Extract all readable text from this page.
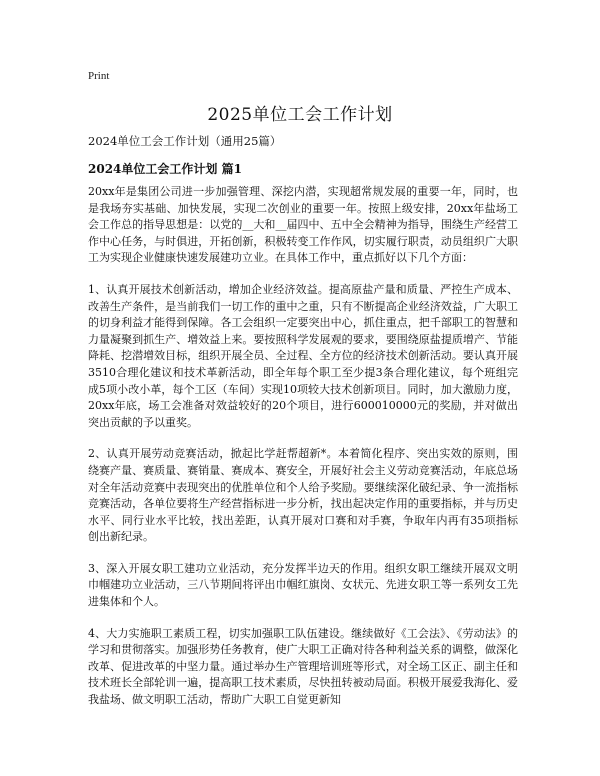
Print
2025单位工会工作计划
2024单位工会工作计划（通用25篇）
2024单位工会工作计划 篇1

20xx年是集团公司进一步加强管理、深挖内潜，实现超常规发展的重要一年，同时，也是我场夯实基础、加快发展，实现二次创业的重要一年。按照上级安排，20xx年盐场工会工作总的指导思想是：以党的__大和__届四中、五中全会精神为指导，围绕生产经营工作中心任务，与时俱进，开拓创新，积极转变工作作风，切实履行职责，动员组织广大职工为实现企业健康快速发展建功立业。在具体工作中，重点抓好以下几个方面：

1、认真开展技术创新活动，增加企业经济效益。提高原盐产量和质量、严控生产成本、改善生产条件，是当前我们一切工作的重中之重，只有不断提高企业经济效益，广大职工的切身利益才能得到保障。各工会组织一定要突出中心，抓住重点，把千部职工的智慧和力量凝聚到抓生产、增效益上来。要按照科学发展观的要求，要围绕原盐提质增产、节能降耗、挖潜增效目标，组织开展全员、全过程、全方位的经济技术创新活动。要认真开展3510合理化建议和技术革新活动，即全年每个职工至少提3条合理化建议，每个班组完成5项小改小革，每个工区（车间）实现10项较大技术创新项目。同时，加大激励力度，20xx年底，场工会准备对效益较好的20个项目，进行600010000元的奖励，并对做出突出贡献的予以重奖。

2、认真开展劳动竞赛活动，掀起比学赶帮超新*。本着简化程序、突出实效的原则，围绕赛产量、赛质量、赛销量、赛成本、赛安全，开展好社会主义劳动竞赛活动，年底总场对全年活动竞赛中表现突出的优胜单位和个人给予奖励。要继续深化破纪录、争一流指标竞赛活动，各单位要将生产经营指标进一步分析，找出起决定作用的重要指标，并与历史水平、同行业水平比较，找出差距，认真开展对口赛和对手赛，争取年内再有35项指标创出新纪录。

3、深入开展女职工建功立业活动，充分发挥半边天的作用。组织女职工继续开展双文明巾帼建功立业活动，三八节期间将评出巾帼红旗岗、女状元、先进女职工等一系列女工先进集体和个人。

4、大力实施职工素质工程，切实加强职工队伍建设。继续做好《工会法》、《劳动法》的学习和贯彻落实。加强形势任务教育，使广大职工正确对待各种利益关系的调整，做深化改革、促进改革的中坚力量。通过举办生产管理培训班等形式，对全场工区正、副主任和技术班长全部轮训一遍，提高职工技术素质，尽快扭转被动局面。积极开展爱我海化、爱我盐场、做文明职工活动，帮助广大职工自觉更新知
